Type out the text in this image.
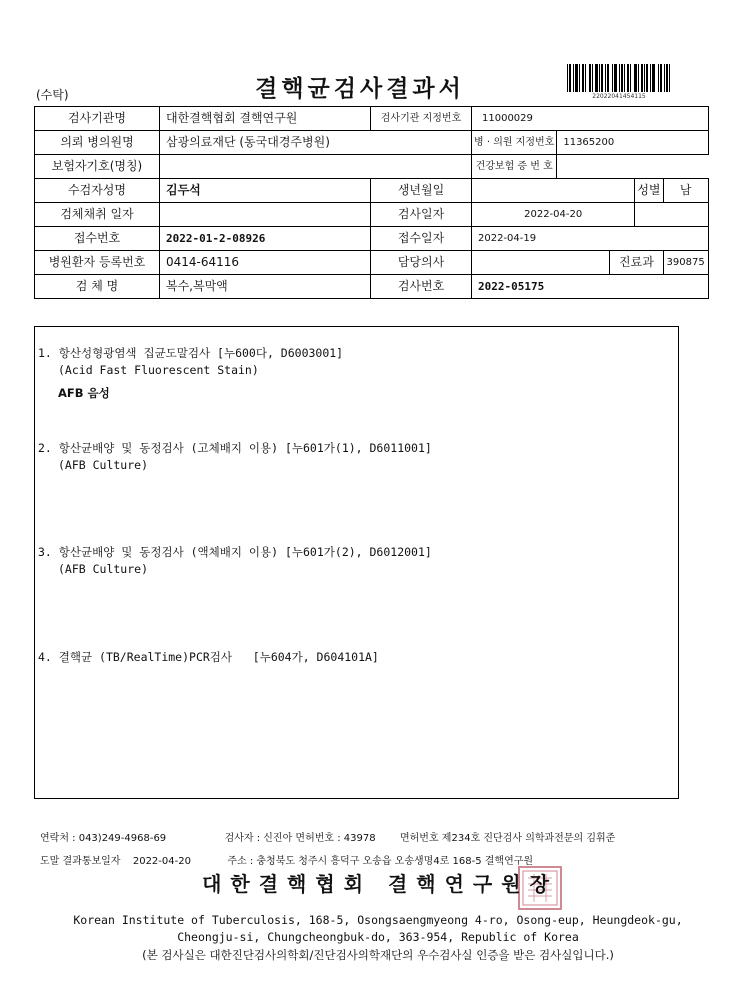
(수탁)	결핵균검사결과서	22022041454115
검사기관명	대한결핵협회 결핵연구원	검사기관 지정번호	11000029				
의뢰 병의원명	삼광의료재단 (동국대경주병원)		병 · 의원 지정번호	11365200			
보험자기호(명칭)			건강보험 증 번 호				
수검자성명	김두석	생년월일				성별	남
검체채취 일자		검사일자	2022-04-20				
접수번호	2022-01-2-08926	접수일자	2022-04-19				
병원환자 등록번호	0414-64116	담당의사			진료과		390875
검 체 명	복수,복막액	검사번호	2022-05175				
1. 항산성형광염색 집균도말검사 [누600다, D6003001]
(Acid Fast Fluorescent Stain)
AFB 음성
2. 항산균배양 및 동정검사 (고체배지 이용) [누601가(1), D6011001]
(AFB Culture)
3. 항산균배양 및 동정검사 (액체배지 이용) [누601가(2), D6012001]
(AFB Culture)
4. 결핵균 (TB/RealTime)PCR검사   [누604가, D604101A]
연락처 : 043)249-4968-69	검사자 : 신진아 면허번호 : 43978 면허번호 제234호 진단검사 의학과전문의 김휘준
도말 결과통보일자 2022-04-20	주소 : 충청북도 청주시 흥덕구 오송읍 오송생명4로 168-5 결핵연구원
대한결핵협회 결핵연구원장
Korean Institute of Tuberculosis, 168-5, Osongsaengmyeong 4-ro, Osong-eup, Heungdeok-gu,
Cheongju-si, Chungcheongbuk-do, 363-954, Republic of Korea
(본 검사실은 대한진단검사의학회/진단검사의학재단의 우수검사실 인증을 받은 검사실입니다.)
